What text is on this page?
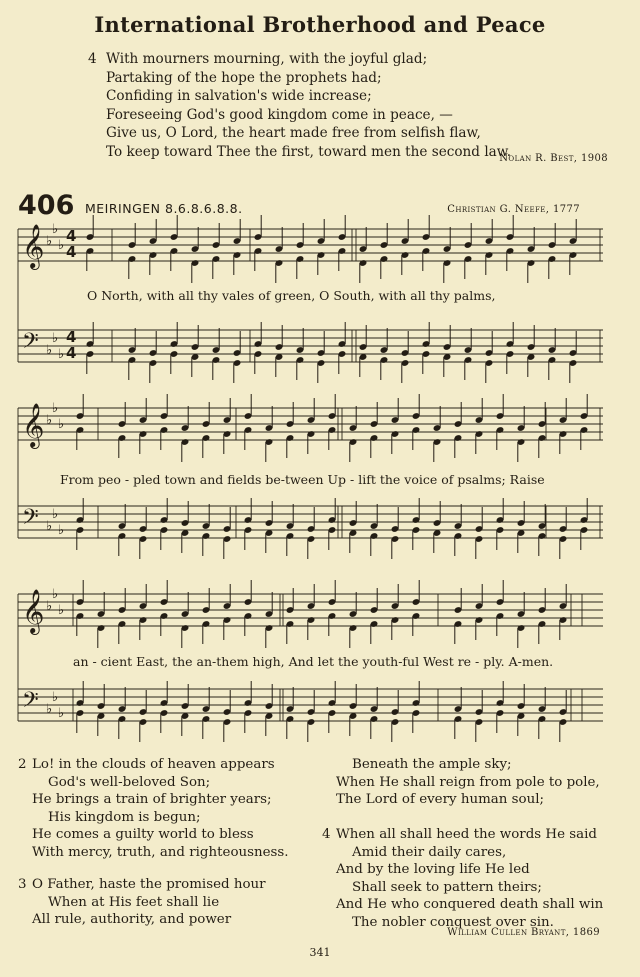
International Brotherhood and Peace
4 With mourners mourning, with the joyful glad;
Partaking of the hope the prophets had;
Confiding in salvation's wide increase;
Foreseeing God's good kingdom come in peace, —
Give us, O Lord, the heart made free from selfish flaw,
To keep toward Thee the first, toward men the second law.
Nolan R. Best, 1908
406 MEIRINGEN 8.6.8.6.8.8.	Christian G. Neefe, 1777
𝄞
𝄢
♭
♭
♭
♭
♭
♭
4
4
4
4
𝄞
𝄢
♭
♭
♭
♭
♭
♭
𝄞
𝄢
♭
♭
♭
♭
♭
♭
O North, with all thy vales of green, O South, with all thy palms,
From peo - pled town and fields be-tween Up - lift the voice of psalms; Raise
an - cient East, the an-them high, And let the youth-ful West re - ply. A-men.
2 Lo! in the clouds of heaven appears
God's well-beloved Son;
He brings a train of brighter years;
His kingdom is begun;
He comes a guilty world to bless
With mercy, truth, and righteousness.
3 O Father, haste the promised hour
When at His feet shall lie
All rule, authority, and power
Beneath the ample sky;
When He shall reign from pole to pole,
The Lord of every human soul;
4 When all shall heed the words He said
Amid their daily cares,
And by the loving life He led
Shall seek to pattern theirs;
And He who conquered death shall win
The nobler conquest over sin.
William Cullen Bryant, 1869
341
